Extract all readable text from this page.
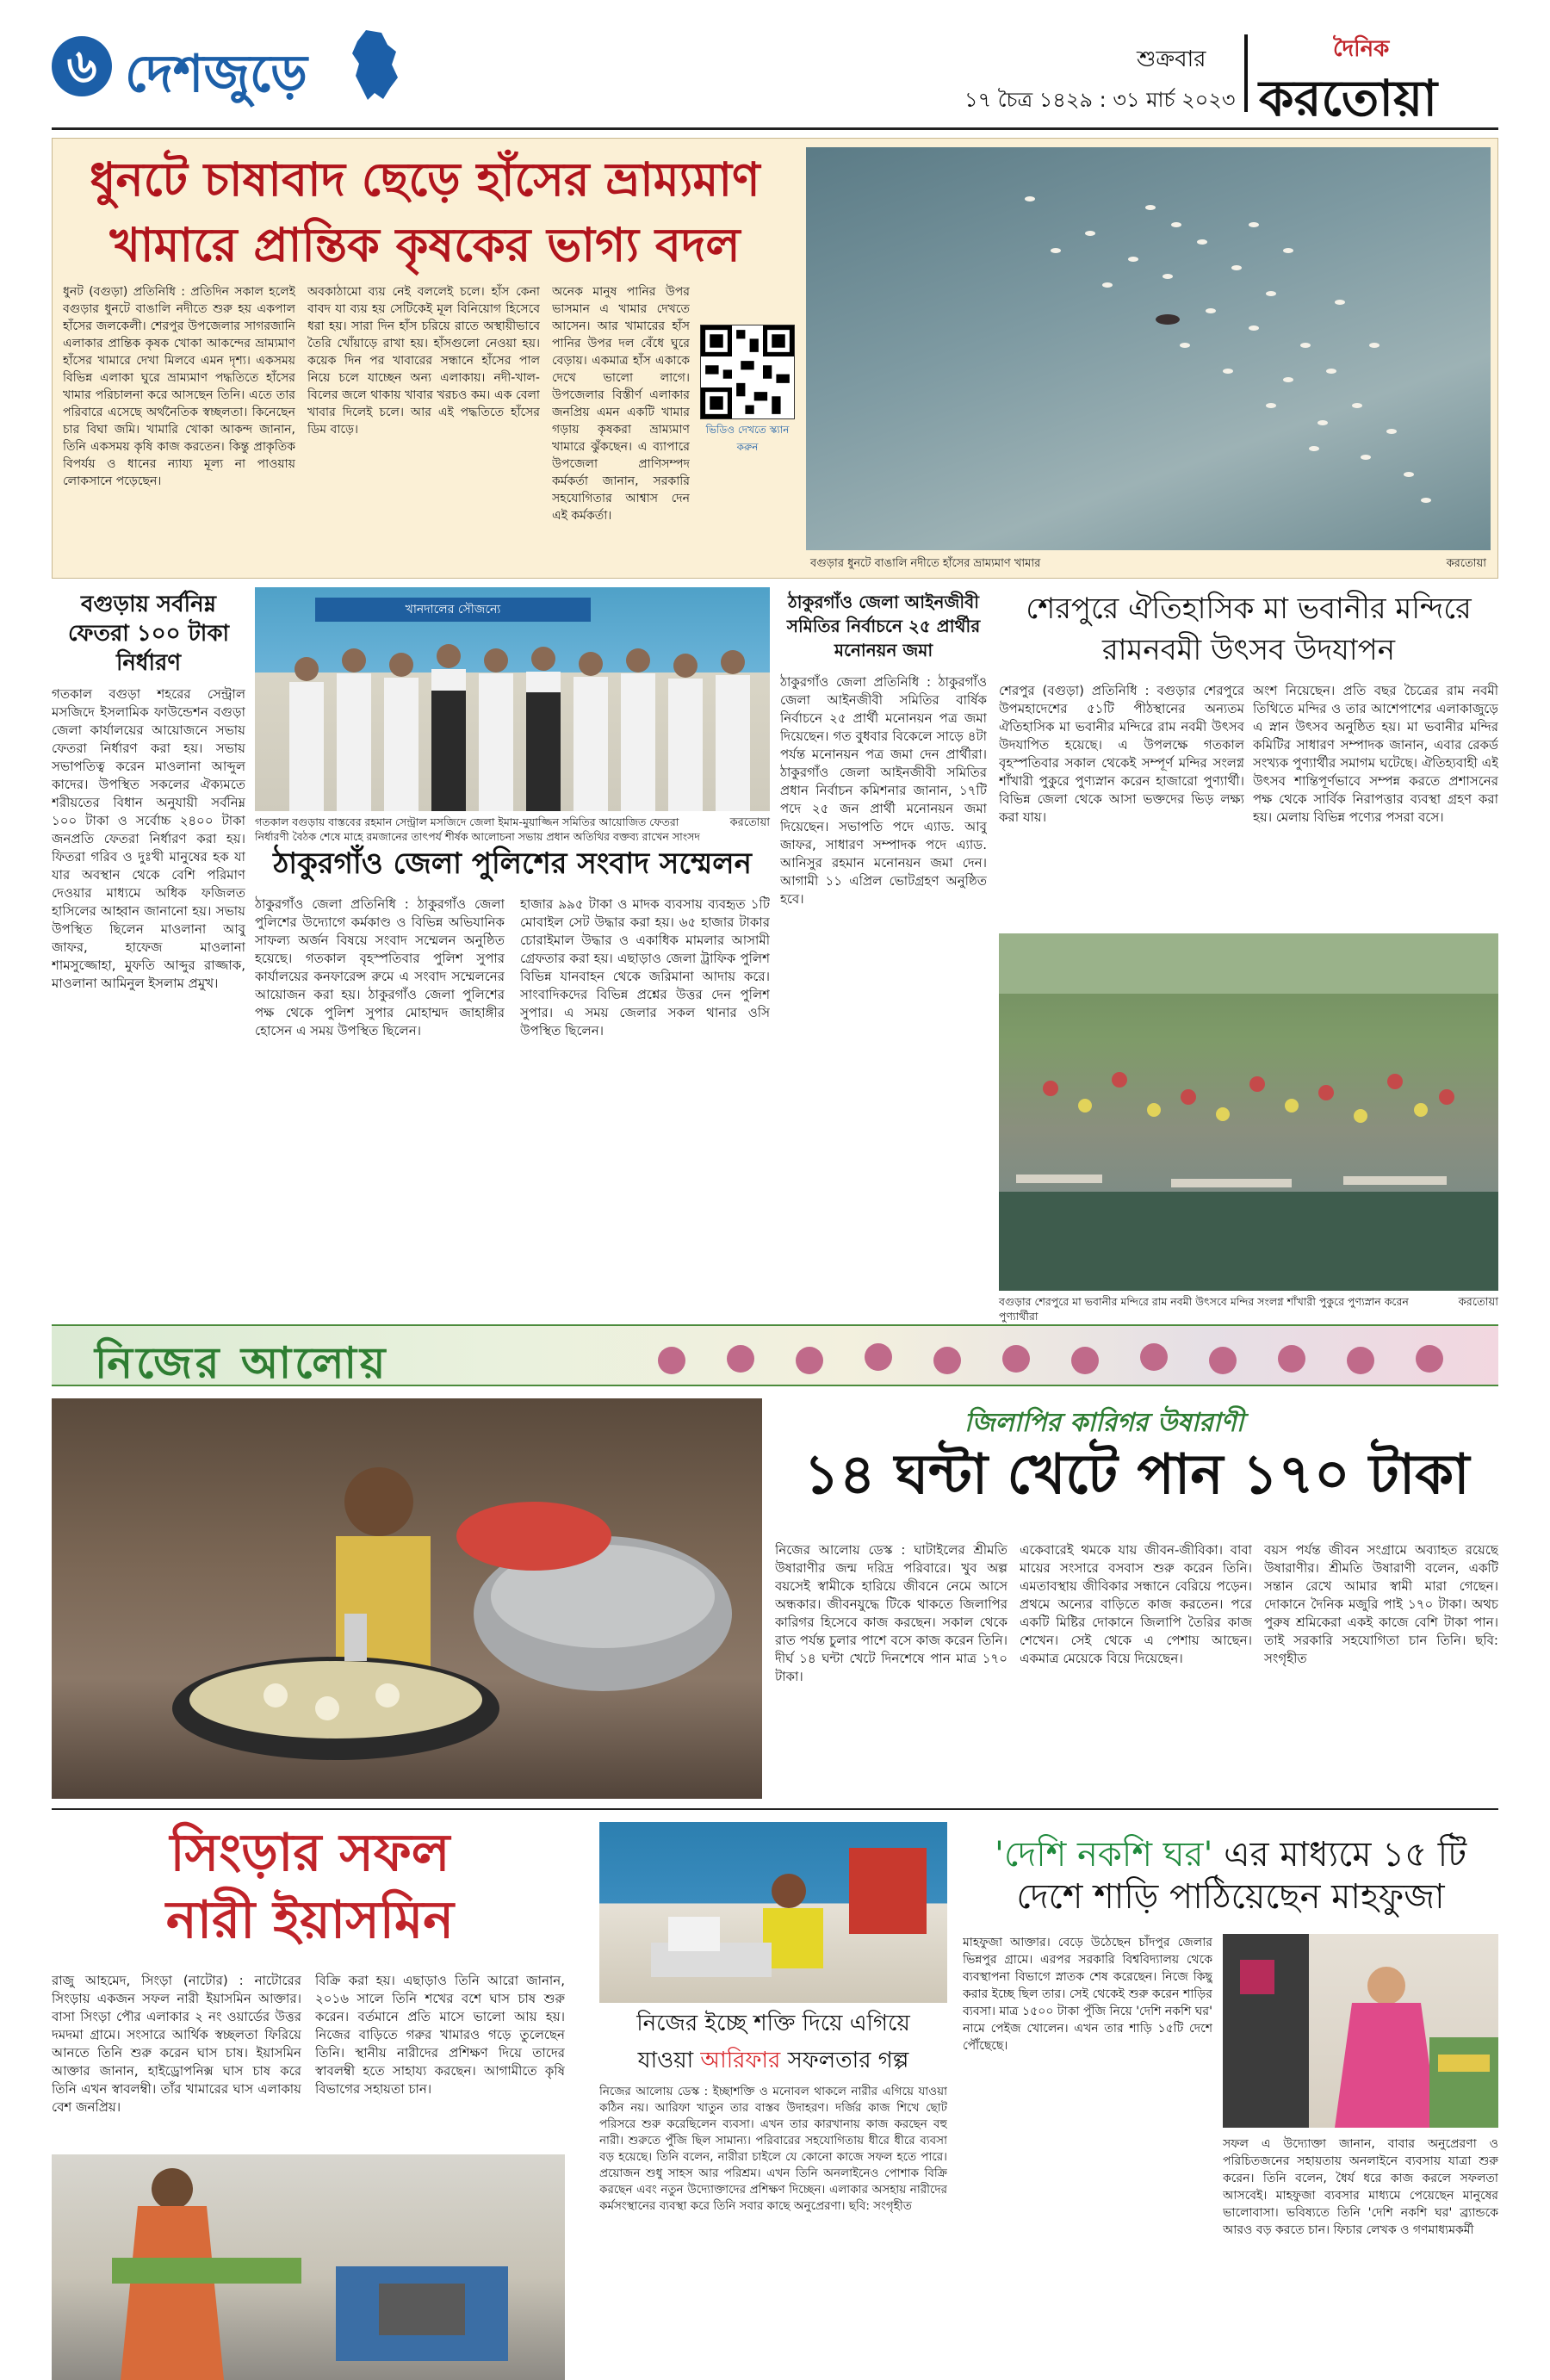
৬ দেশজুড়ে	শুক্রবার
১৭ চৈত্র ১৪২৯ : ৩১ মার্চ ২০২৩
দৈনিক
করতোয়া
ধুনটে চাষাবাদ ছেড়ে হাঁসের ভ্রাম্যমাণ
খামারে প্রান্তিক কৃষকের ভাগ্য বদল
ধুনট (বগুড়া) প্রতিনিধি : প্রতিদিন সকাল হলেই বগুড়ার ধুনটে বাঙালি নদীতে শুরু হয় একপাল হাঁসের জলকেলী। শেরপুর উপজেলার সাগরজানি এলাকার প্রান্তিক কৃষক খোকা আকন্দের ভ্রাম্যমাণ হাঁসের খামারে দেখা মিলবে এমন দৃশ্য। একসময় বিভিন্ন এলাকা ঘুরে ভ্রাম্যমাণ পদ্ধতিতে হাঁসের খামার পরিচালনা করে আসছেন তিনি। এতে তার পরিবারে এসেছে অর্থনৈতিক স্বচ্ছলতা। কিনেছেন চার বিঘা জমি। খামারি খোকা আকন্দ জানান, তিনি একসময় কৃষি কাজ করতেন। কিন্তু প্রাকৃতিক বিপর্যয় ও ধানের ন্যায্য মূল্য না পাওয়ায় লোকসানে পড়েছেন।
অবকাঠামো ব্যয় নেই বললেই চলে। হাঁস কেনা বাবদ যা ব্যয় হয় সেটিকেই মূল বিনিয়োগ হিসেবে ধরা হয়। সারা দিন হাঁস চরিয়ে রাতে অস্থায়ীভাবে তৈরি খোঁয়াড়ে রাখা হয়। হাঁসগুলো নেওয়া হয়। কয়েক দিন পর খাবারের সন্ধানে হাঁসের পাল নিয়ে চলে যাচ্ছেন অন্য এলাকায়। নদী-খাল-বিলের জলে থাকায় খাবার খরচও কম। এক বেলা খাবার দিলেই চলে। আর এই পদ্ধতিতে হাঁসের ডিম বাড়ে।
অনেক মানুষ পানির উপর ভাসমান এ খামার দেখতে আসেন। আর খামারের হাঁস পানির উপর দল বেঁধে ঘুরে বেড়ায়। একমাত্র হাঁস একাকে দেখে ভালো লাগে। উপজেলার বিস্তীর্ণ এলাকার জনপ্রিয় এমন একটি খামার গড়ায় কৃষকরা ভ্রাম্যমাণ খামারে ঝুঁকছেন। এ ব্যাপারে উপজেলা প্রাণিসম্পদ কর্মকর্তা জানান, সরকারি সহযোগিতার আশ্বাস দেন এই কর্মকর্তা।
ভিডিও দেখতে স্ক্যান করুন
বগুড়ার ধুনটে বাঙালি নদীতে হাঁসের ভ্রাম্যমাণ খামার	করতোয়া
বগুড়ায় সর্বনিম্ন
ফেতরা ১০০ টাকা
নির্ধারণ
গতকাল বগুড়া শহরের সেন্ট্রাল মসজিদে ইসলামিক ফাউন্ডেশন বগুড়া জেলা কার্যালয়ের আয়োজনে সভায় ফেতরা নির্ধারণ করা হয়। সভায় সভাপতিত্ব করেন মাওলানা আব্দুল কাদের। উপস্থিত সকলের ঐক্যমতে শরীয়তের বিধান অনুযায়ী সর্বনিম্ন ১০০ টাকা ও সর্বোচ্চ ২৪০০ টাকা জনপ্রতি ফেতরা নির্ধারণ করা হয়। ফিতরা গরিব ও দুঃখী মানুষের হক যা যার অবস্থান থেকে বেশি পরিমাণ দেওয়ার মাধ্যমে অধিক ফজিলত হাসিলের আহ্বান জানানো হয়। সভায় উপস্থিত ছিলেন মাওলানা আবু জাফর, হাফেজ মাওলানা শামসুজ্জোহা, মুফতি আব্দুর রাজ্জাক, মাওলানা আমিনুল ইসলাম প্রমুখ।
খানদালের সৌজন্যে
গতকাল বগুড়ায় বাস্তবের রহমান সেন্ট্রাল মসজিদে জেলা ইমাম-মুয়াজ্জিন সমিতির আয়োজিত ফেতরা নির্ধারণী বৈঠক শেষে মাহে রমজানের তাৎপর্য শীর্ষক আলোচনা সভায় প্রধান অতিথির বক্তব্য রাখেন সাংসদ
করতোয়া
ঠাকুরগাঁও জেলা আইনজীবী
সমিতির নির্বাচনে ২৫ প্রার্থীর
মনোনয়ন জমা
ঠাকুরগাঁও জেলা প্রতিনিধি : ঠাকুরগাঁও জেলা আইনজীবী সমিতির বার্ষিক নির্বাচনে ২৫ প্রার্থী মনোনয়ন পত্র জমা দিয়েছেন। গত বুধবার বিকেলে সাড়ে ৪টা পর্যন্ত মনোনয়ন পত্র জমা দেন প্রার্থীরা। ঠাকুরগাঁও জেলা আইনজীবী সমিতির প্রধান নির্বাচন কমিশনার জানান, ১৭টি পদে ২৫ জন প্রার্থী মনোনয়ন জমা দিয়েছেন। সভাপতি পদে এ্যাড. আবু জাফর, সাধারণ সম্পাদক পদে এ্যাড. আনিসুর রহমান মনোনয়ন জমা দেন। আগামী ১১ এপ্রিল ভোটগ্রহণ অনুষ্ঠিত হবে।
ঠাকুরগাঁও জেলা পুলিশের সংবাদ সম্মেলন
ঠাকুরগাঁও জেলা প্রতিনিধি : ঠাকুরগাঁও জেলা পুলিশের উদ্যোগে কর্মকাণ্ড ও বিভিন্ন অভিযানিক সাফল্য অর্জন বিষয়ে সংবাদ সম্মেলন অনুষ্ঠিত হয়েছে। গতকাল বৃহস্পতিবার পুলিশ সুপার কার্যালয়ের কনফারেন্স রুমে এ সংবাদ সম্মেলনের আয়োজন করা হয়। ঠাকুরগাঁও জেলা পুলিশের পক্ষ থেকে পুলিশ সুপার মোহাম্মদ জাহাঙ্গীর হোসেন এ সময় উপস্থিত ছিলেন।
হাজার ৯৯৫ টাকা ও মাদক ব্যবসায় ব্যবহৃত ১টি মোবাইল সেট উদ্ধার করা হয়। ৬৫ হাজার টাকার চোরাইমাল উদ্ধার ও একাধিক মামলার আসামী গ্রেফতার করা হয়। এছাড়াও জেলা ট্রাফিক পুলিশ বিভিন্ন যানবাহন থেকে জরিমানা আদায় করে। সাংবাদিকদের বিভিন্ন প্রশ্নের উত্তর দেন পুলিশ সুপার। এ সময় জেলার সকল থানার ওসি উপস্থিত ছিলেন।
শেরপুরে ঐতিহাসিক মা ভবানীর মন্দিরে
রামনবমী উৎসব উদযাপন
শেরপুর (বগুড়া) প্রতিনিধি : বগুড়ার শেরপুরে উপমহাদেশের ৫১টি পীঠস্থানের অন্যতম ঐতিহাসিক মা ভবানীর মন্দিরে রাম নবমী উৎসব উদযাপিত হয়েছে। এ উপলক্ষে গতকাল বৃহস্পতিবার সকাল থেকেই সম্পূর্ণ মন্দির সংলগ্ন শাঁখারী পুকুরে পুণ্যস্নান করেন হাজারো পুণ্যার্থী। বিভিন্ন জেলা থেকে আসা ভক্তদের ভিড় লক্ষ্য করা যায়।
অংশ নিয়েছেন। প্রতি বছর চৈত্রের রাম নবমী তিথিতে মন্দির ও তার আশেপাশের এলাকাজুড়ে এ স্নান উৎসব অনুষ্ঠিত হয়। মা ভবানীর মন্দির কমিটির সাধারণ সম্পাদক জানান, এবার রেকর্ড সংখ্যক পুণ্যার্থীর সমাগম ঘটেছে। ঐতিহ্যবাহী এই উৎসব শান্তিপূর্ণভাবে সম্পন্ন করতে প্রশাসনের পক্ষ থেকে সার্বিক নিরাপত্তার ব্যবস্থা গ্রহণ করা হয়। মেলায় বিভিন্ন পণ্যের পসরা বসে।
বগুড়ার শেরপুরে মা ভবানীর মন্দিরে রাম নবমী উৎসবে মন্দির সংলগ্ন শাঁখারী পুকুরে পুণ্যস্নান করেন পুণ্যার্থীরা
করতোয়া
নিজের আলোয়
জিলাপির কারিগর উষারাণী
১৪ ঘন্টা খেটে পান ১৭০ টাকা
নিজের আলোয় ডেস্ক : ঘাটাইলের শ্রীমতি উষারাণীর জন্ম দরিদ্র পরিবারে। খুব অল্প বয়সেই স্বামীকে হারিয়ে জীবনে নেমে আসে অন্ধকার। জীবনযুদ্ধে টিকে থাকতে জিলাপির কারিগর হিসেবে কাজ করছেন। সকাল থেকে রাত পর্যন্ত চুলার পাশে বসে কাজ করেন তিনি। দীর্ঘ ১৪ ঘন্টা খেটে দিনশেষে পান মাত্র ১৭০ টাকা।
একেবারেই থমকে যায় জীবন-জীবিকা। বাবা মায়ের সংসারে বসবাস শুরু করেন তিনি। এমতাবস্থায় জীবিকার সন্ধানে বেরিয়ে পড়েন। প্রথমে অন্যের বাড়িতে কাজ করতেন। পরে একটি মিষ্টির দোকানে জিলাপি তৈরির কাজ শেখেন। সেই থেকে এ পেশায় আছেন। একমাত্র মেয়েকে বিয়ে দিয়েছেন।
বয়স পর্যন্ত জীবন সংগ্রামে অব্যাহত রয়েছে উষারাণীর। শ্রীমতি উষারাণী বলেন, একটি সন্তান রেখে আমার স্বামী মারা গেছেন। দোকানে দৈনিক মজুরি পাই ১৭০ টাকা। অথচ পুরুষ শ্রমিকেরা একই কাজে বেশি টাকা পান। তাই সরকারি সহযোগিতা চান তিনি। ছবি: সংগৃহীত
সিংড়ার সফল
নারী ইয়াসমিন
রাজু আহমেদ, সিংড়া (নাটোর) : নাটোরের সিংড়ায় একজন সফল নারী ইয়াসমিন আক্তার। বাসা সিংড়া পৌর এলাকার ২ নং ওয়ার্ডের উত্তর দমদমা গ্রামে। সংসারে আর্থিক স্বচ্ছলতা ফিরিয়ে আনতে তিনি শুরু করেন ঘাস চাষ। ইয়াসমিন আক্তার জানান, হাইড্রোপনিক্স ঘাস চাষ করে তিনি এখন স্বাবলম্বী। তাঁর খামারের ঘাস এলাকায় বেশ জনপ্রিয়।
বিক্রি করা হয়। এছাড়াও তিনি আরো জানান, ২০১৬ সালে তিনি শখের বশে ঘাস চাষ শুরু করেন। বর্তমানে প্রতি মাসে ভালো আয় হয়। নিজের বাড়িতে গরুর খামারও গড়ে তুলেছেন তিনি। স্থানীয় নারীদের প্রশিক্ষণ দিয়ে তাদের স্বাবলম্বী হতে সাহায্য করছেন। আগামীতে কৃষি বিভাগের সহায়তা চান।
নিজের ইচ্ছে শক্তি দিয়ে এগিয়ে
যাওয়া আরিফার সফলতার গল্প
নিজের আলোয় ডেস্ক : ইচ্ছাশক্তি ও মনোবল থাকলে নারীর এগিয়ে যাওয়া কঠিন নয়। আরিফা খাতুন তার বাস্তব উদাহরণ। দর্জির কাজ শিখে ছোট পরিসরে শুরু করেছিলেন ব্যবসা। এখন তার কারখানায় কাজ করছেন বহু নারী। শুরুতে পুঁজি ছিল সামান্য। পরিবারের সহযোগিতায় ধীরে ধীরে ব্যবসা বড় হয়েছে। তিনি বলেন, নারীরা চাইলে যে কোনো কাজে সফল হতে পারে। প্রয়োজন শুধু সাহস আর পরিশ্রম। এখন তিনি অনলাইনেও পোশাক বিক্রি করছেন এবং নতুন উদ্যোক্তাদের প্রশিক্ষণ দিচ্ছেন। এলাকার অসহায় নারীদের কর্মসংস্থানের ব্যবস্থা করে তিনি সবার কাছে অনুপ্রেরণা। ছবি: সংগৃহীত
'দেশি নকশি ঘর' এর মাধ্যমে ১৫ টি
দেশে শাড়ি পাঠিয়েছেন মাহফুজা
মাহফুজা আক্তার। বেড়ে উঠেছেন চাঁদপুর জেলার ভিন্নপুর গ্রামে। এরপর সরকারি বিশ্ববিদ্যালয় থেকে ব্যবস্থাপনা বিভাগে স্নাতক শেষ করেছেন। নিজে কিছু করার ইচ্ছে ছিল তার। সেই থেকেই শুরু করেন শাড়ির ব্যবসা। মাত্র ১৫০০ টাকা পুঁজি নিয়ে 'দেশি নকশি ঘর' নামে পেইজ খোলেন। এখন তার শাড়ি ১৫টি দেশে পৌঁছেছে।
সফল এ উদ্যোক্তা জানান, বাবার অনুপ্রেরণা ও পরিচিতজনের সহায়তায় অনলাইনে ব্যবসায় যাত্রা শুরু করেন। তিনি বলেন, ধৈর্য ধরে কাজ করলে সফলতা আসবেই। মাহফুজা ব্যবসার মাধ্যমে পেয়েছেন মানুষের ভালোবাসা। ভবিষ্যতে তিনি 'দেশি নকশি ঘর' ব্র্যান্ডকে আরও বড় করতে চান। ফিচার লেখক ও গণমাধ্যমকর্মী
